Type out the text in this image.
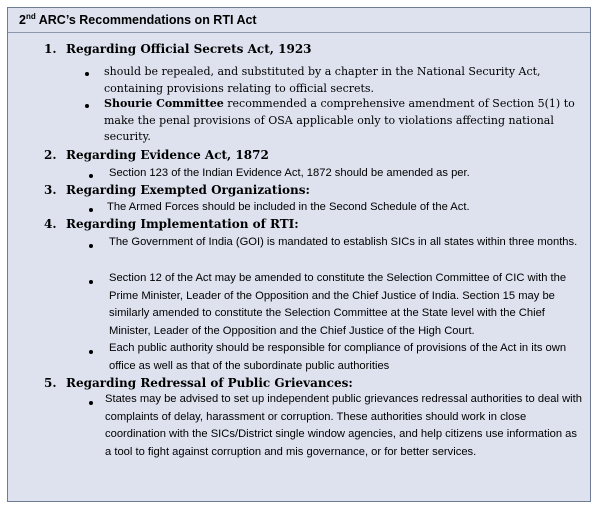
2nd ARC’s Recommendations on RTI Act
1. Regarding Official Secrets Act, 1923
should be repealed, and substituted by a chapter in the National Security Act, containing provisions relating to official secrets.
Shourie Committee recommended a comprehensive amendment of Section 5(1) to make the penal provisions of OSA applicable only to violations affecting national security.
2. Regarding Evidence Act, 1872
Section 123 of the Indian Evidence Act, 1872 should be amended as per.
3. Regarding Exempted Organizations:
The Armed Forces should be included in the Second Schedule of the Act.
4. Regarding Implementation of RTI:
The Government of India (GOI) is mandated to establish SICs in all states within three months.
Section 12 of the Act may be amended to constitute the Selection Committee of CIC with the Prime Minister, Leader of the Opposition and the Chief Justice of India. Section 15 may be similarly amended to constitute the Selection Committee at the State level with the Chief Minister, Leader of the Opposition and the Chief Justice of the High Court.
Each public authority should be responsible for compliance of provisions of the Act in its own office as well as that of the subordinate public authorities
5. Regarding Redressal of Public Grievances:
States may be advised to set up independent public grievances redressal authorities to deal with complaints of delay, harassment or corruption. These authorities should work in close coordination with the SICs/District single window agencies, and help citizens use information as a tool to fight against corruption and mis governance, or for better services.
